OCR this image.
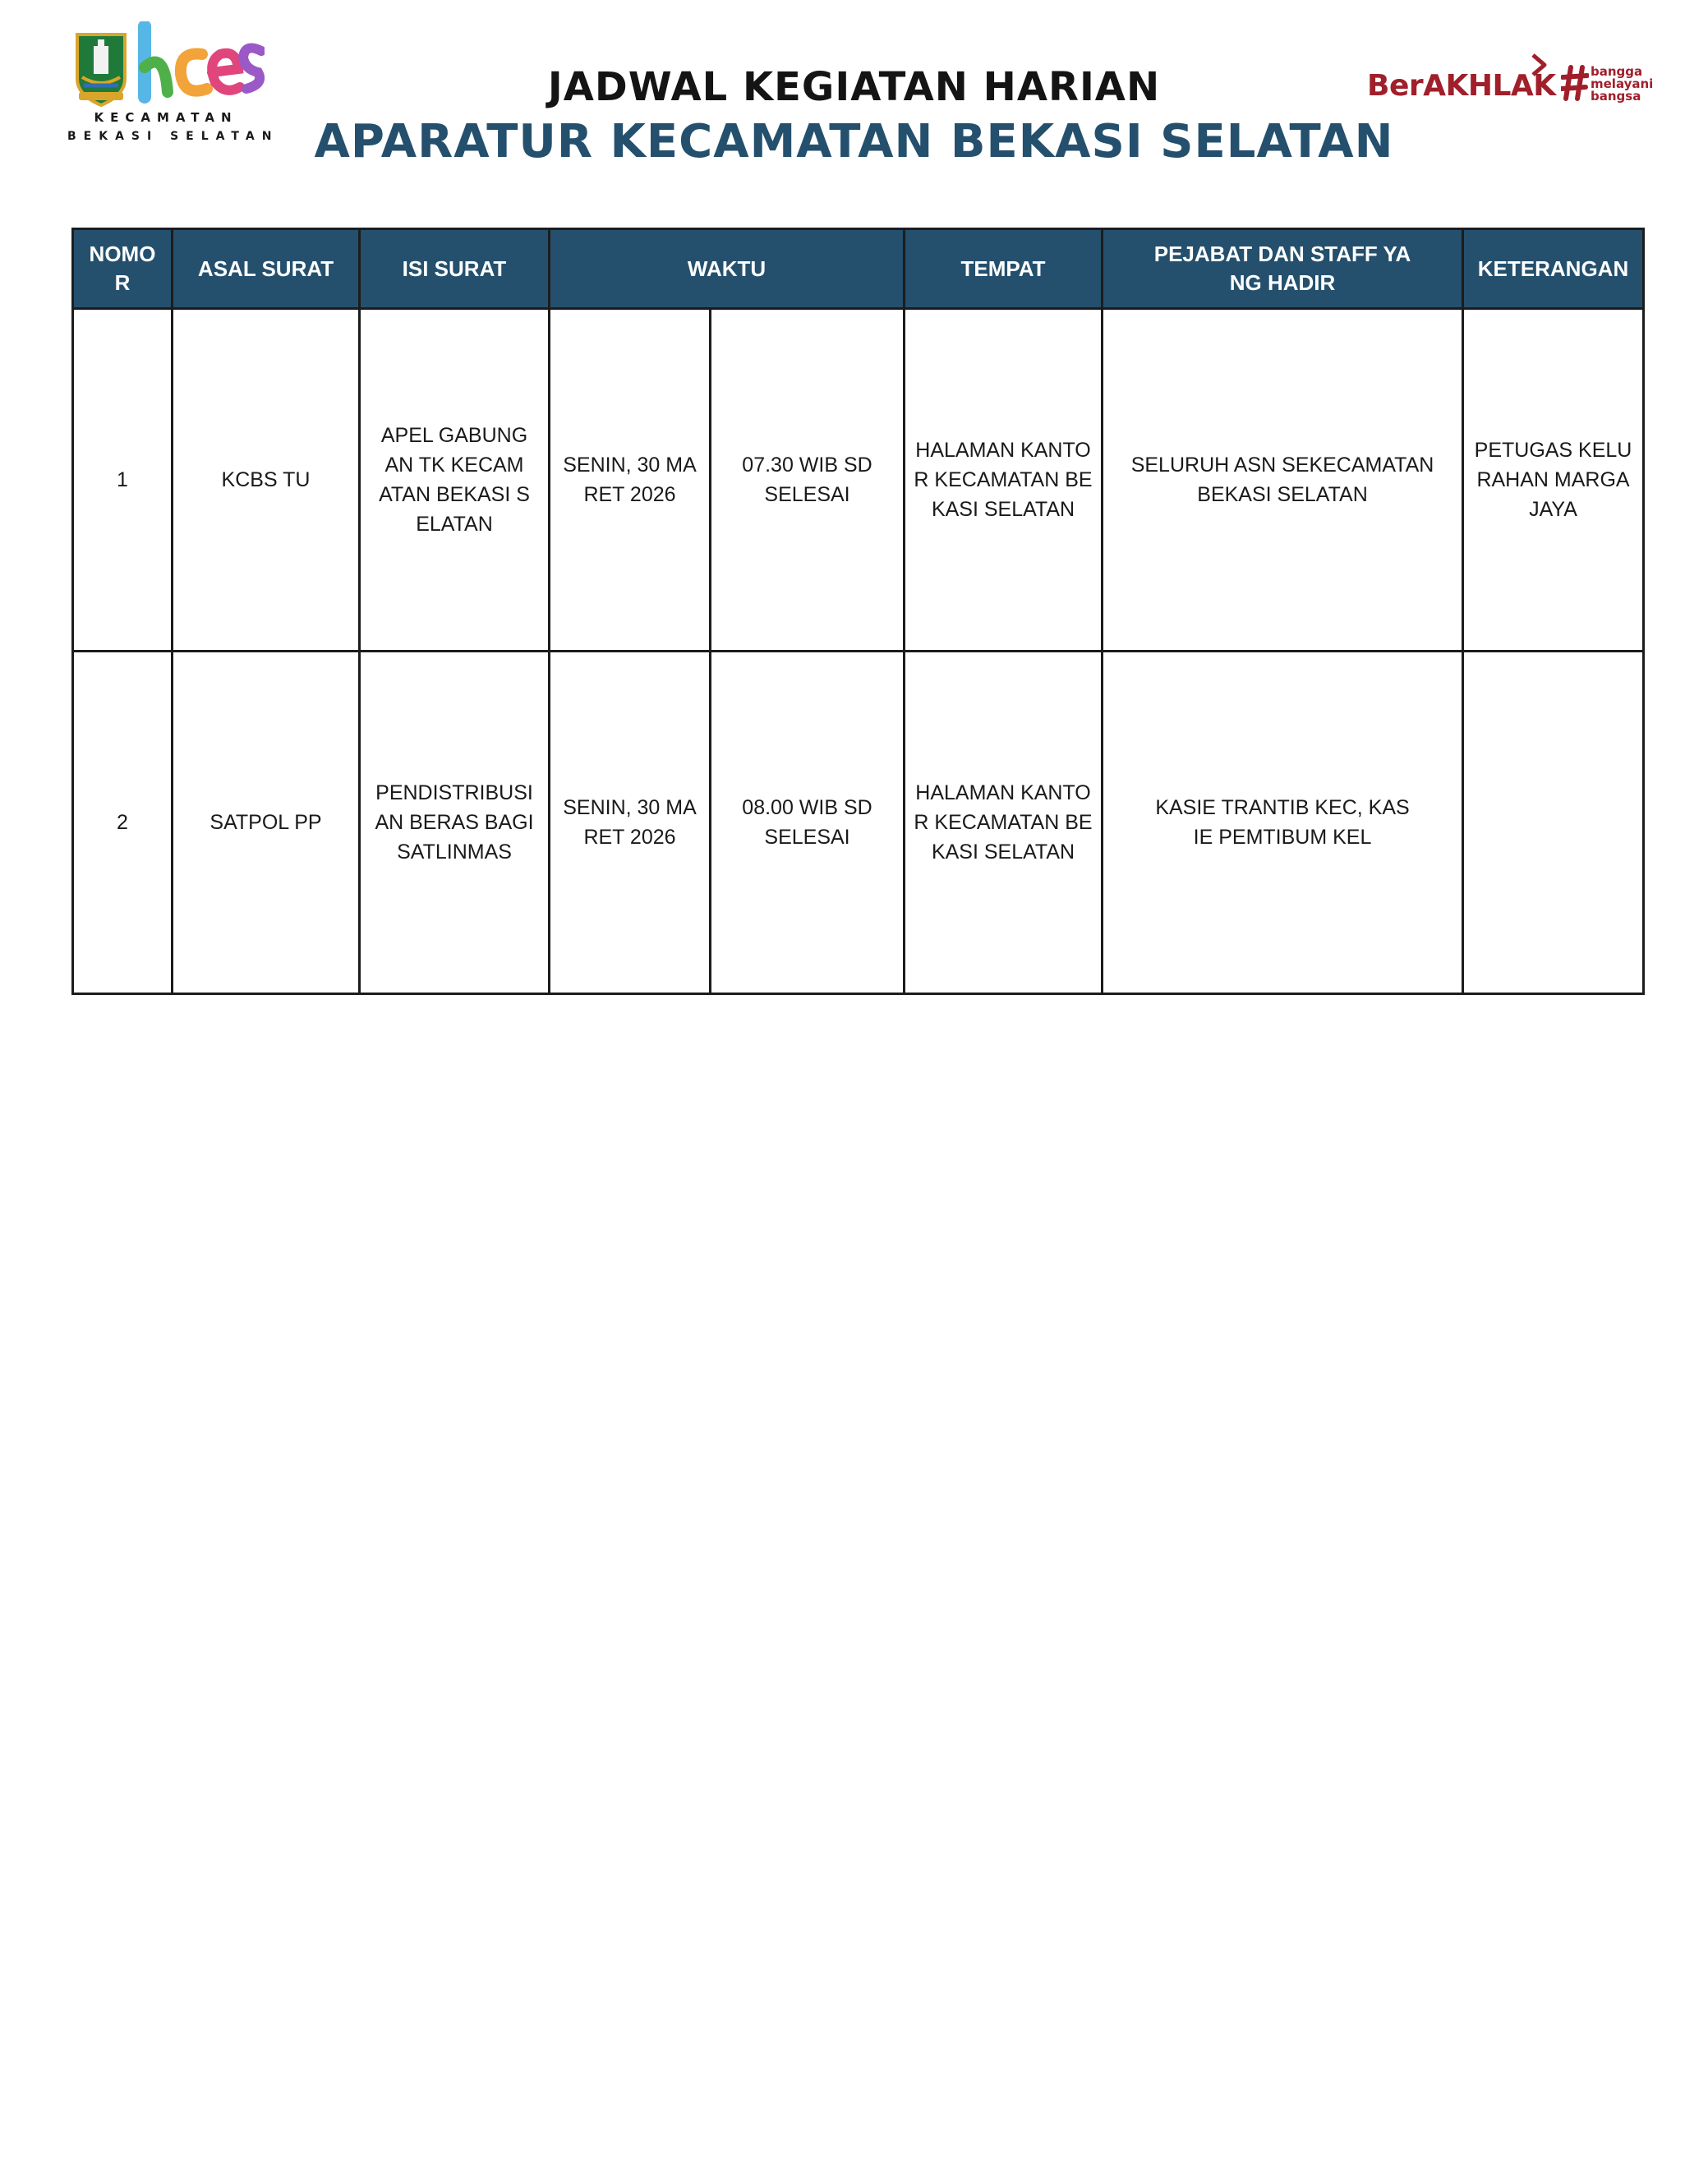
KECAMATAN
BEKASI SELATAN
JADWAL KEGIATAN HARIAN
APARATUR KECAMATAN BEKASI SELATAN
BerAKHLAK	bangga
melayani
bangsa
NOMOR	ASAL SURAT	ISI SURAT	WAKTU		TEMPAT	PEJABAT DAN STAFF YANG HADIR	KETERANGAN
1	KCBS TU	APEL GABUNGAN TK KECAMATAN BEKASI SELATAN	SENIN, 30 MARET 2026	07.30 WIB SD SELESAI	HALAMAN KANTOR KECAMATAN BEKASI SELATAN	SELURUH ASN SEKECAMATAN BEKASI SELATAN	PETUGAS KELURAHAN MARGAJAYA
2	SATPOL PP	PENDISTRIBUSIAN BERAS BAGI SATLINMAS	SENIN, 30 MARET 2026	08.00 WIB SD SELESAI	HALAMAN KANTOR KECAMATAN BEKASI SELATAN	KASIE TRANTIB KEC, KASIE PEMTIBUM KEL	
